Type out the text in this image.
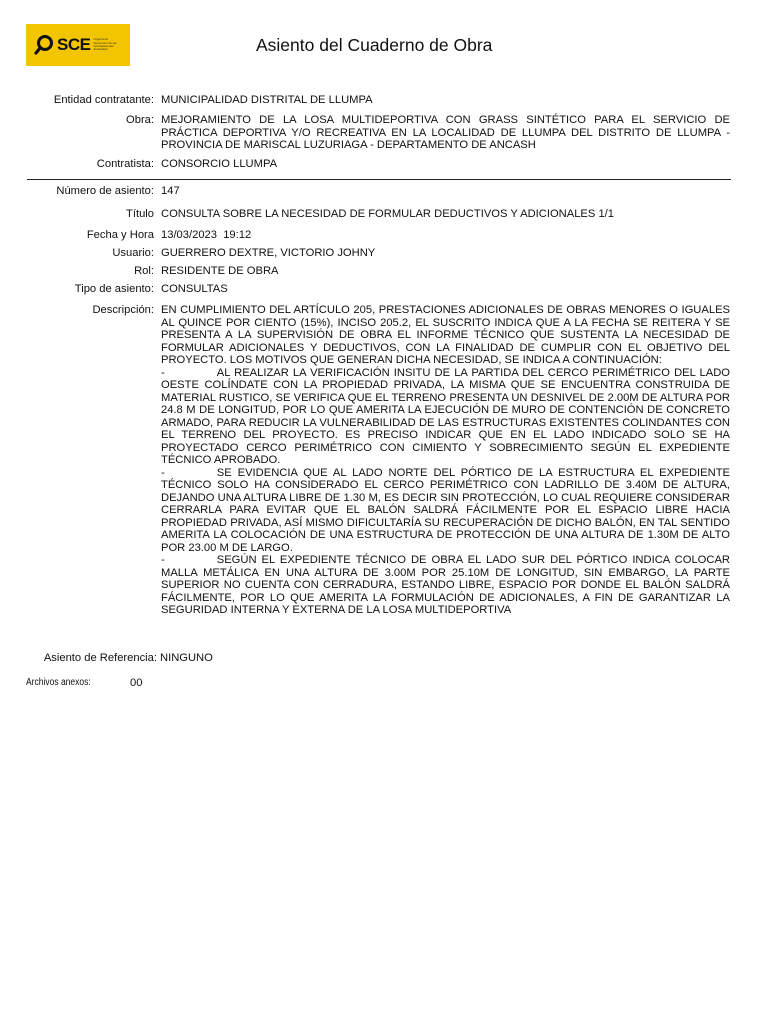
SCE Organismo Supervisor de las Contrataciones del Estado	Asiento del Cuaderno de Obra
Entidad contratante: MUNICIPALIDAD DISTRITAL DE LLUMPA
Obra: MEJORAMIENTO DE LA LOSA MULTIDEPORTIVA CON GRASS SINTÉTICO PARA EL SERVICIO DE PRÁCTICA DEPORTIVA Y/O RECREATIVA EN LA LOCALIDAD DE LLUMPA DEL DISTRITO DE LLUMPA - PROVINCIA DE MARISCAL LUZURIAGA - DEPARTAMENTO DE ANCASH
Contratista: CONSORCIO LLUMPA
Número de asiento: 147
Título CONSULTA SOBRE LA NECESIDAD DE FORMULAR DEDUCTIVOS Y ADICIONALES 1/1
Fecha y Hora 13/03/2023  19:12
Usuario: GUERRERO DEXTRE, VICTORIO JOHNY
Rol: RESIDENTE DE OBRA
Tipo de asiento: CONSULTAS
Descripción: EN CUMPLIMIENTO DEL ARTÍCULO 205, PRESTACIONES ADICIONALES DE OBRAS MENORES O IGUALES AL QUINCE POR CIENTO (15%), INCISO 205.2, EL SUSCRITO INDICA QUE A LA FECHA SE REITERA Y SE PRESENTA A LA SUPERVISIÓN DE OBRA EL INFORME TÉCNICO QUE SUSTENTA LA NECESIDAD DE FORMULAR ADICIONALES Y DEDUCTIVOS, CON LA FINALIDAD DE CUMPLIR CON EL OBJETIVO DEL PROYECTO. LOS MOTIVOS QUE GENERAN DICHA NECESIDAD, SE INDICA A CONTINUACIÓN:

-	AL REALIZAR LA VERIFICACIÓN INSITU DE LA PARTIDA DEL CERCO PERIMÉTRICO DEL LADO OESTE COLÍNDATE CON LA PROPIEDAD PRIVADA, LA MISMA QUE SE ENCUENTRA CONSTRUIDA DE MATERIAL RUSTICO, SE VERIFICA QUE EL TERRENO PRESENTA UN DESNIVEL DE 2.00M DE ALTURA POR 24.8 M DE LONGITUD, POR LO QUE AMERITA LA EJECUCIÓN DE MURO DE CONTENCIÓN DE CONCRETO ARMADO, PARA REDUCIR LA VULNERABILIDAD DE LAS ESTRUCTURAS EXISTENTES COLINDANTES CON EL TERRENO DEL PROYECTO. ES PRECISO INDICAR QUE EN EL LADO INDICADO SOLO SE HA PROYECTADO CERCO PERIMÉTRICO CON CIMIENTO Y SOBRECIMIENTO SEGÚN EL EXPEDIENTE TÉCNICO APROBADO.

-	SE EVIDENCIA QUE AL LADO NORTE DEL PÓRTICO DE LA ESTRUCTURA EL EXPEDIENTE TÉCNICO SOLO HA CONSIDERADO EL CERCO PERIMÉTRICO CON LADRILLO DE 3.40M DE ALTURA, DEJANDO UNA ALTURA LIBRE DE 1.30 M, ES DECIR SIN PROTECCIÓN, LO CUAL REQUIERE CONSIDERAR CERRARLA PARA EVITAR QUE EL BALÓN SALDRÁ FÁCILMENTE POR EL ESPACIO LIBRE HACIA PROPIEDAD PRIVADA, ASÍ MISMO DIFICULTARÍA SU RECUPERACIÓN DE DICHO BALÓN, EN TAL SENTIDO AMERITA LA COLOCACIÓN DE UNA ESTRUCTURA DE PROTECCIÓN DE UNA ALTURA DE 1.30M DE ALTO POR 23.00 M DE LARGO.

-	SEGÚN EL EXPEDIENTE TÉCNICO DE OBRA EL LADO SUR DEL PÓRTICO INDICA COLOCAR MALLA METÁLICA EN UNA ALTURA DE 3.00M POR 25.10M DE LONGITUD, SIN EMBARGO, LA PARTE SUPERIOR NO CUENTA CON CERRADURA, ESTANDO LIBRE, ESPACIO POR DONDE EL BALÓN SALDRÁ FÁCILMENTE, POR LO QUE AMERITA LA FORMULACIÓN DE ADICIONALES, A FIN DE GARANTIZAR LA SEGURIDAD INTERNA Y EXTERNA DE LA LOSA MULTIDEPORTIVA

Asiento de Referencia: NINGUNO
Archivos anexos:	00
